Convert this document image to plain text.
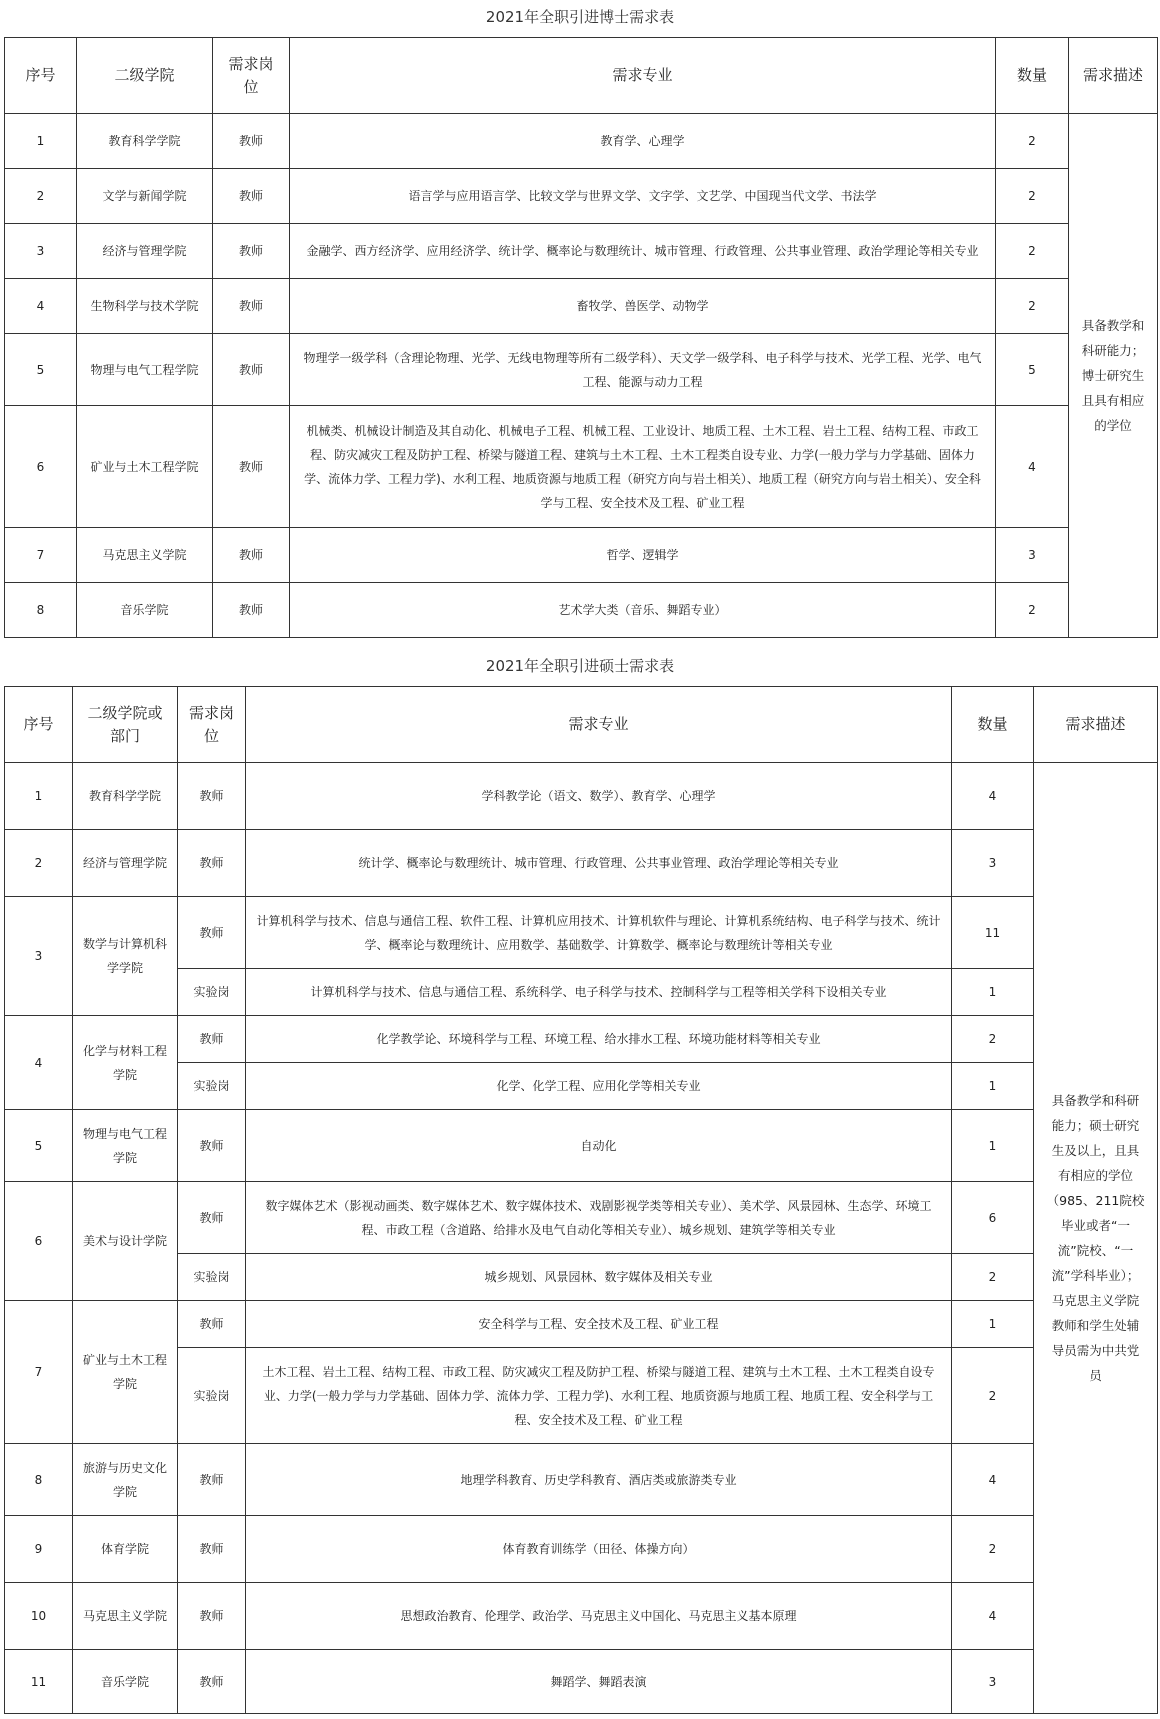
2021年全职引进博士需求表
序号	二级学院	需求岗位	需求专业	数量	需求描述
1	教育科学学院	教师	教育学、心理学	2	具备教学和科研能力；博士研究生且具有相应的学位
2	文学与新闻学院	教师	语言学与应用语言学、比较文学与世界文学、文字学、文艺学、中国现当代文学、书法学	2	
3	经济与管理学院	教师	金融学、西方经济学、应用经济学、统计学、概率论与数理统计、城市管理、行政管理、公共事业管理、政治学理论等相关专业	2	
4	生物科学与技术学院	教师	畜牧学、兽医学、动物学	2	
5	物理与电气工程学院	教师	物理学一级学科（含理论物理、光学、无线电物理等所有二级学科）、天文学一级学科、电子科学与技术、光学工程、光学、电气工程、能源与动力工程	5	
6	矿业与土木工程学院	教师	机械类、机械设计制造及其自动化、机械电子工程、机械工程、工业设计、地质工程、土木工程、岩土工程、结构工程、市政工程、防灾减灾工程及防护工程、桥梁与隧道工程、建筑与土木工程、土木工程类自设专业、力学(一般力学与力学基础、固体力学、流体力学、工程力学)、水利工程、地质资源与地质工程（研究方向与岩土相关）、地质工程（研究方向与岩土相关）、安全科学与工程、安全技术及工程、矿业工程	4	
7	马克思主义学院	教师	哲学、逻辑学	3	
8	音乐学院	教师	艺术学大类（音乐、舞蹈专业）	2	
2021年全职引进硕士需求表
序号	二级学院或部门	需求岗位	需求专业	数量	需求描述
1	教育科学学院	教师	学科教学论（语文、数学）、教育学、心理学	4	具备教学和科研能力；硕士研究生及以上，且具有相应的学位（985、211院校毕业或者“一流”院校、“一流”学科毕业）；马克思主义学院教师和学生处辅导员需为中共党员
2	经济与管理学院	教师	统计学、概率论与数理统计、城市管理、行政管理、公共事业管理、政治学理论等相关专业	3	
3	数学与计算机科学学院	教师	计算机科学与技术、信息与通信工程、软件工程、计算机应用技术、计算机软件与理论、计算机系统结构、电子科学与技术、统计学、概率论与数理统计、应用数学、基础数学、计算数学、概率论与数理统计等相关专业	11	
		实验岗	计算机科学与技术、信息与通信工程、系统科学、电子科学与技术、控制科学与工程等相关学科下设相关专业	1	
4	化学与材料工程学院	教师	化学教学论、环境科学与工程、环境工程、给水排水工程、环境功能材料等相关专业	2	
		实验岗	化学、化学工程、应用化学等相关专业	1	
5	物理与电气工程学院	教师	自动化	1	
6	美术与设计学院	教师	数字媒体艺术（影视动画类、数字媒体艺术、数字媒体技术、戏剧影视学类等相关专业）、美术学、风景园林、生态学、环境工程、市政工程（含道路、给排水及电气自动化等相关专业）、城乡规划、建筑学等相关专业	6	
		实验岗	城乡规划、风景园林、数字媒体及相关专业	2	
7	矿业与土木工程学院	教师	安全科学与工程、安全技术及工程、矿业工程	1	
		实验岗	土木工程、岩土工程、结构工程、市政工程、防灾减灾工程及防护工程、桥梁与隧道工程、建筑与土木工程、土木工程类自设专业、力学(一般力学与力学基础、固体力学、流体力学、工程力学)、水利工程、地质资源与地质工程、地质工程、安全科学与工程、安全技术及工程、矿业工程	2	
8	旅游与历史文化学院	教师	地理学科教育、历史学科教育、酒店类或旅游类专业	4	
9	体育学院	教师	体育教育训练学（田径、体操方向）	2	
10	马克思主义学院	教师	思想政治教育、伦理学、政治学、马克思主义中国化、马克思主义基本原理	4	
11	音乐学院	教师	舞蹈学、舞蹈表演	3	
